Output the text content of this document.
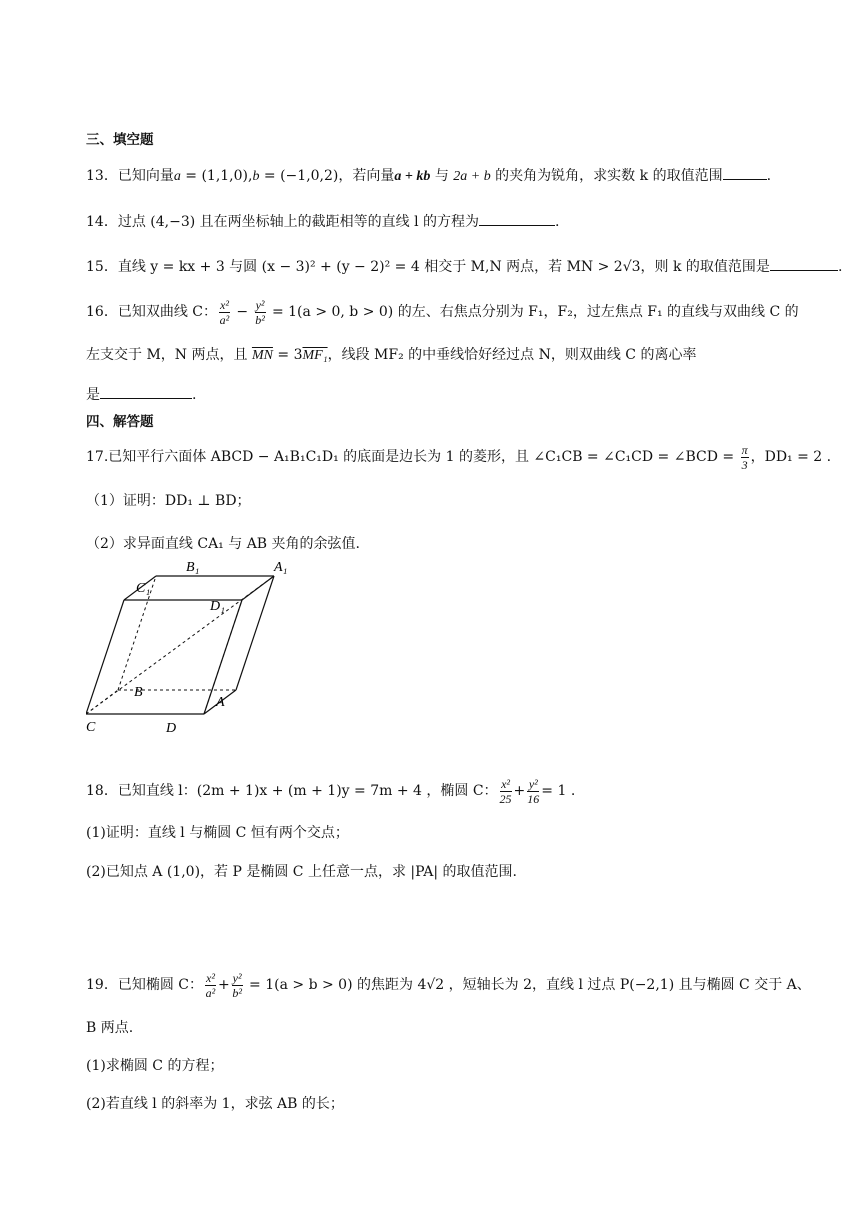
三、填空题
13．已知向量a = (1,1,0),b = (−1,0,2)，若向量a + kb 与 2a + b 的夹角为锐角，求实数 k 的取值范围	.
14．过点 (4,−3) 且在两坐标轴上的截距相等的直线 l 的方程为	.
15．直线 y = kx + 3 与圆 (x − 3)² + (y − 2)² = 4 相交于 M,N 两点，若 MN > 2√3，则 k 的取值范围是	.
16．已知双曲线 C： $\frac{\text{x²}}{\text{a²}} - \frac{\text{y²}}{\text{b²}} = 1(a > 0$, b > 0) 的左、右焦点分别为 F₁，F₂，过左焦点 F₁ 的直线与双曲线 C 的
左支交于 M，N 两点，且 $\overline{MN} = 3MF_1$，线段 MF₂ 的中垂线恰好经过点 N，则双曲线 C 的离心率
是	.
四、解答题
17.已知平行六面体 ABCD − A₁B₁C₁D₁ 的底面是边长为 1 的菱形，且 ∠C₁CB = ∠C₁CD = ∠BCD = $\frac{\pi}{3}$ ，DD₁ = 2 .
（1）证明：DD₁ ⊥ BD；
（2）求异面直线 CA₁ 与 AB 夹角的余弦值.
B₁	A₁
C₁
D₁
B
A
C	D
18．已知直线 l：(2m + 1)x + (m + 1)y = 7m + 4 ，椭圆 C： $\frac{\text{x²}}{25} + \frac{\text{y²}}{16} = 1$ .
(1)证明：直线 l 与椭圆 C 恒有两个交点；
(2)已知点 A (1,0)，若 P 是椭圆 C 上任意一点，求 |PA| 的取值范围.
19．已知椭圆 C： $\frac{\text{x²}}{\text{a²}} + \frac{\text{y²}}{\text{b²}} = 1(a > b > 0)$ 的焦距为 4√2 ，短轴长为 2，直线 l 过点 P(−2,1) 且与椭圆 C 交于 A、
B 两点.
(1)求椭圆 C 的方程；
(2)若直线 l 的斜率为 1，求弦 AB 的长；
